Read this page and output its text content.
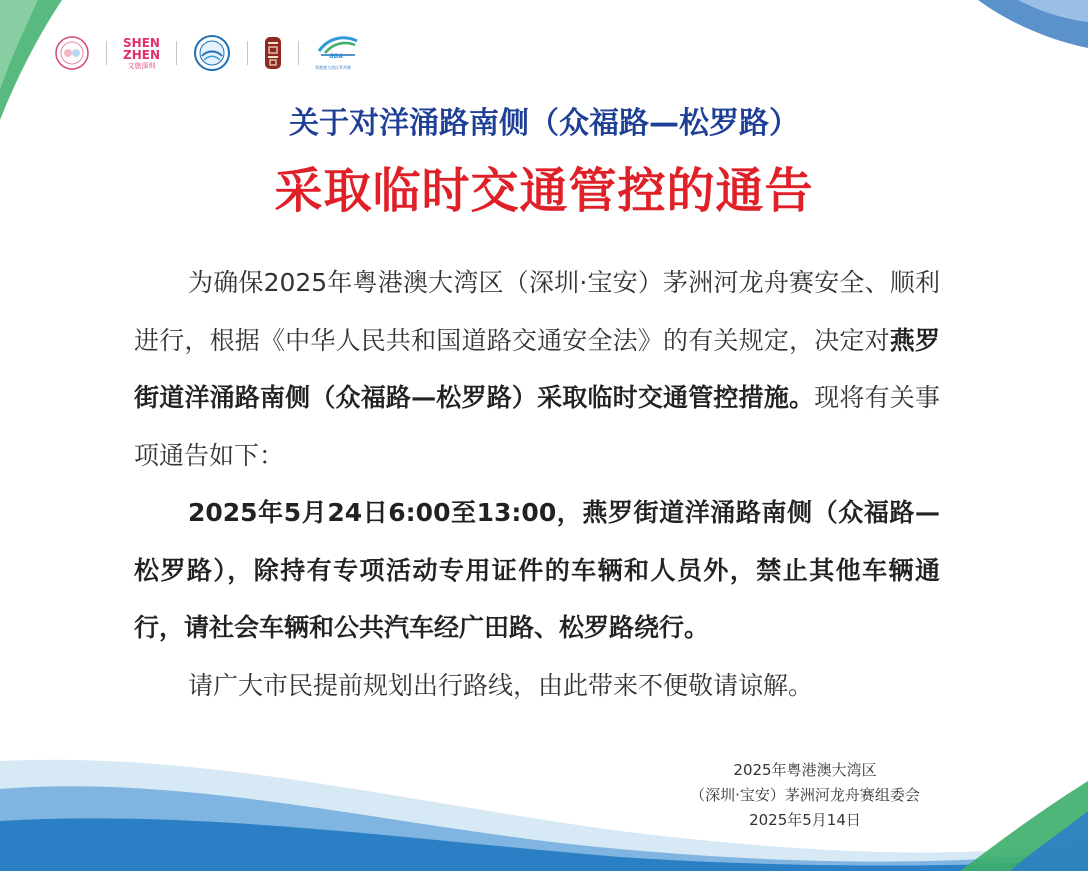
SHEN
ZHEN
文旅深圳
GBA
粤港澳大湾区系列赛
关于对洋涌路南侧（众福路—松罗路）
采取临时交通管控的通告

为确保2025年粤港澳大湾区（深圳·宝安）茅洲河龙舟赛安全、顺利进行，根据《中华人民共和国道路交通安全法》的有关规定，决定对燕罗街道洋涌路南侧（众福路—松罗路）采取临时交通管控措施。现将有关事项通告如下：

2025年5月24日6:00至13:00，燕罗街道洋涌路南侧（众福路—松罗路），除持有专项活动专用证件的车辆和人员外，禁止其他车辆通行，请社会车辆和公共汽车经广田路、松罗路绕行。

请广大市民提前规划出行路线，由此带来不便敬请谅解。

2025年粤港澳大湾区
（深圳·宝安）茅洲河龙舟赛组委会
2025年5月14日
